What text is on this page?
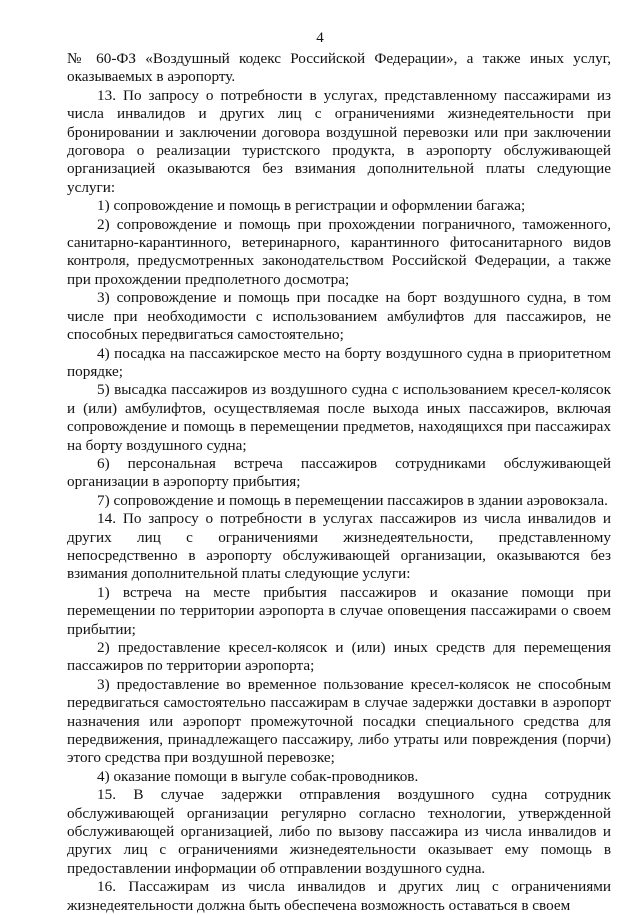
4

№ 60-ФЗ «Воздушный кодекс Российской Федерации», а также иных услуг, оказываемых в аэропорту.

13. По запросу о потребности в услугах, представленному пассажирами из числа инвалидов и других лиц с ограничениями жизнедеятельности при бронировании и заключении договора воздушной перевозки или при заключении договора о реализации туристского продукта, в аэропорту обслуживающей организацией оказываются без взимания дополнительной платы следующие услуги:

1) сопровождение и помощь в регистрации и оформлении багажа;

2) сопровождение и помощь при прохождении пограничного, таможенного, санитарно-карантинного, ветеринарного, карантинного фитосанитарного видов контроля, предусмотренных законодательством Российской Федерации, а также при прохождении предполетного досмотра;

3) сопровождение и помощь при посадке на борт воздушного судна, в том числе при необходимости с использованием амбулифтов для пассажиров, не способных передвигаться самостоятельно;

4) посадка на пассажирское место на борту воздушного судна в приоритетном порядке;

5) высадка пассажиров из воздушного судна с использованием кресел-колясок и (или) амбулифтов, осуществляемая после выхода иных пассажиров, включая сопровождение и помощь в перемещении предметов, находящихся при пассажирах на борту воздушного судна;

6) персональная встреча пассажиров сотрудниками обслуживающей организации в аэропорту прибытия;

7) сопровождение и помощь в перемещении пассажиров в здании аэровокзала.

14. По запросу о потребности в услугах пассажиров из числа инвалидов и других лиц с ограничениями жизнедеятельности, представленному непосредственно в аэропорту обслуживающей организации, оказываются без взимания дополнительной платы следующие услуги:

1) встреча на месте прибытия пассажиров и оказание помощи при перемещении по территории аэропорта в случае оповещения пассажирами о своем прибытии;

2) предоставление кресел-колясок и (или) иных средств для перемещения пассажиров по территории аэропорта;

3) предоставление во временное пользование кресел-колясок не способным передвигаться самостоятельно пассажирам в случае задержки доставки в аэропорт назначения или аэропорт промежуточной посадки специального средства для передвижения, принадлежащего пассажиру, либо утраты или повреждения (порчи) этого средства при воздушной перевозке;

4) оказание помощи в выгуле собак-проводников.

15. В случае задержки отправления воздушного судна сотрудник обслуживающей организации регулярно согласно технологии, утвержденной обслуживающей организацией, либо по вызову пассажира из числа инвалидов и других лиц с ограничениями жизнедеятельности оказывает ему помощь в предоставлении информации об отправлении воздушного судна.

16. Пассажирам из числа инвалидов и других лиц с ограничениями жизнедеятельности должна быть обеспечена возможность оставаться в своем
